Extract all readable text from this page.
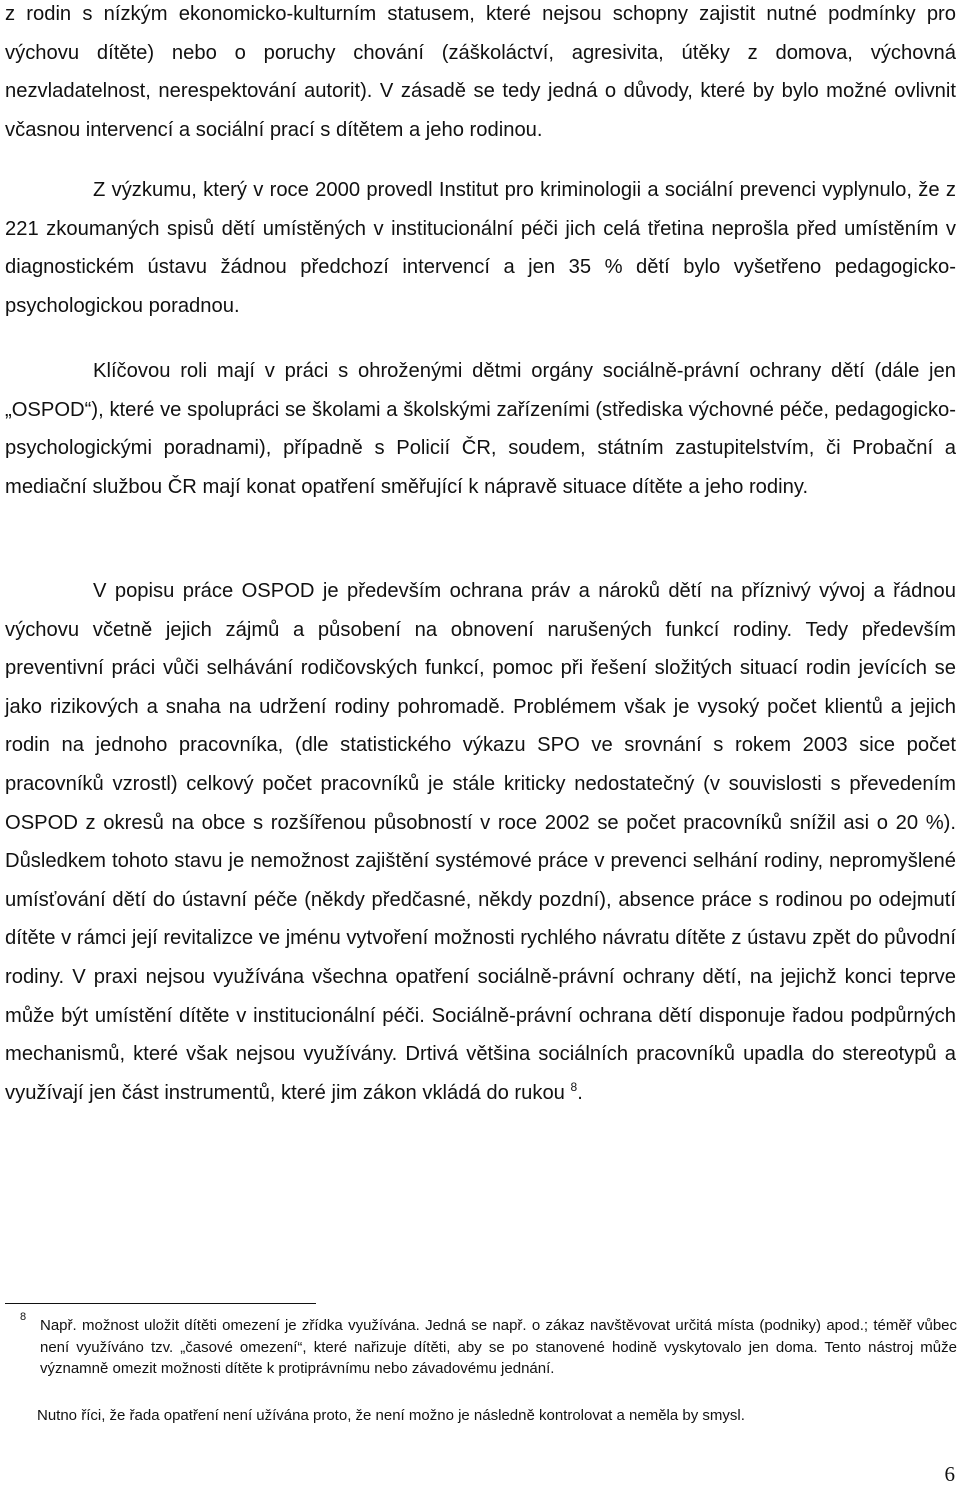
z rodin s nízkým ekonomicko-kulturním statusem, které nejsou schopny zajistit nutné podmínky pro výchovu dítěte) nebo o poruchy chování (záškoláctví, agresivita, útěky z domova, výchovná nezvladatelnost, nerespektování autorit). V zásadě se tedy jedná o důvody, které by bylo možné ovlivnit včasnou intervencí a sociální prací s dítětem a jeho rodinou.

Z výzkumu, který v roce 2000 provedl Institut pro kriminologii a sociální prevenci vyplynulo, že z 221 zkoumaných spisů dětí umístěných v institucionální péči jich celá třetina neprošla před umístěním v diagnostickém ústavu žádnou předchozí intervencí a jen 35 % dětí bylo vyšetřeno pedagogicko-psychologickou poradnou.

Klíčovou roli mají v práci s ohroženými dětmi orgány sociálně-právní ochrany dětí (dále jen „OSPOD“), které ve spolupráci se školami a školskými zařízeními (střediska výchovné péče, pedagogicko-psychologickými poradnami), případně s Policií ČR, soudem, státním zastupitelstvím, či Probační a mediační službou ČR mají konat opatření směřující k nápravě situace dítěte a jeho rodiny.

V popisu práce OSPOD je především ochrana práv a nároků dětí na příznivý vývoj a řádnou výchovu včetně jejich zájmů a působení na obnovení narušených funkcí rodiny. Tedy především preventivní práci vůči selhávání rodičovských funkcí, pomoc při řešení složitých situací rodin jevících se jako rizikových a snaha na udržení rodiny pohromadě. Problémem však je vysoký počet klientů a jejich rodin na jednoho pracovníka, (dle statistického výkazu SPO ve srovnání s rokem 2003 sice počet pracovníků vzrostl) celkový počet pracovníků je stále kriticky nedostatečný (v souvislosti s převedením OSPOD z okresů na obce s rozšířenou působností v roce 2002 se počet pracovníků snížil asi o 20 %). Důsledkem tohoto stavu je nemožnost zajištění systémové práce v prevenci selhání rodiny, nepromyšlené umísťování dětí do ústavní péče (někdy předčasné, někdy pozdní), absence práce s rodinou po odejmutí dítěte v rámci její revitalizce ve jménu vytvoření možnosti rychlého návratu dítěte z ústavu zpět do původní rodiny. V praxi nejsou využívána všechna opatření sociálně-právní ochrany dětí, na jejichž konci teprve může být umístění dítěte v institucionální péči. Sociálně-právní ochrana dětí disponuje řadou podpůrných mechanismů, které však nejsou využívány. Drtivá většina sociálních pracovníků upadla do stereotypů a využívají jen část instrumentů, které jim zákon vkládá do rukou $^8$.

8 Např. možnost uložit dítěti omezení je zřídka využívána. Jedná se např. o zákaz navštěvovat určitá místa (podniky) apod.; téměř vůbec není využíváno tzv. „časové omezení“, které nařizuje dítěti, aby se po stanovené hodině vyskytovalo jen doma. Tento nástroj může významně omezit možnosti dítěte k protiprávnímu nebo závadovému jednání.

Nutno říci, že řada opatření není užívána proto, že není možno je následně kontrolovat a neměla by smysl.

6
